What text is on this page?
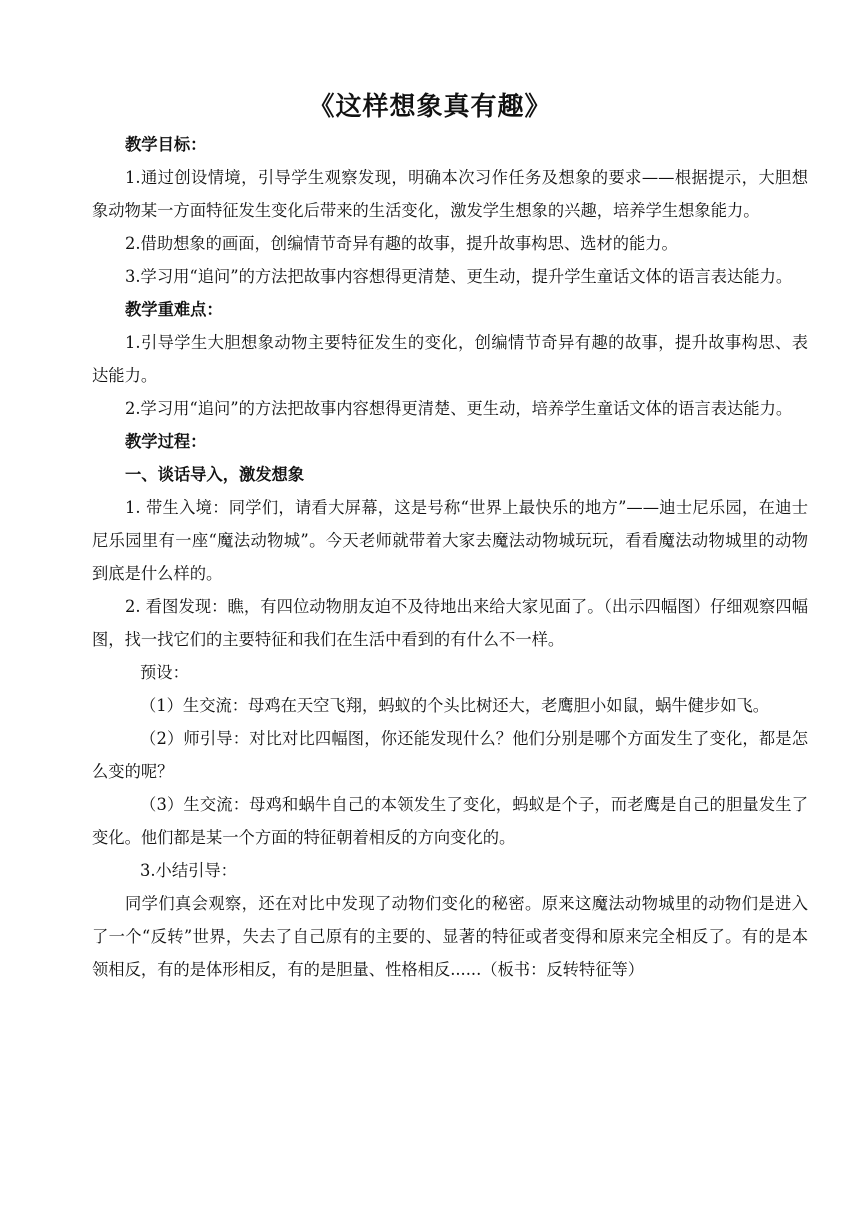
《这样想象真有趣》

教学目标：

1.通过创设情境，引导学生观察发现，明确本次习作任务及想象的要求——根据提示，大胆想象动物某一方面特征发生变化后带来的生活变化，激发学生想象的兴趣，培养学生想象能力。

2.借助想象的画面，创编情节奇异有趣的故事，提升故事构思、选材的能力。

3.学习用“追问”的方法把故事内容想得更清楚、更生动，提升学生童话文体的语言表达能力。

教学重难点：

1.引导学生大胆想象动物主要特征发生的变化，创编情节奇异有趣的故事，提升故事构思、表达能力。

2.学习用“追问”的方法把故事内容想得更清楚、更生动，培养学生童话文体的语言表达能力。

教学过程：

一、谈话导入，激发想象

1. 带生入境：同学们，请看大屏幕，这是号称“世界上最快乐的地方”——迪士尼乐园，在迪士尼乐园里有一座“魔法动物城”。今天老师就带着大家去魔法动物城玩玩，看看魔法动物城里的动物到底是什么样的。

2. 看图发现：瞧，有四位动物朋友迫不及待地出来给大家见面了。（出示四幅图）仔细观察四幅图，找一找它们的主要特征和我们在生活中看到的有什么不一样。

预设：

（1）生交流：母鸡在天空飞翔，蚂蚁的个头比树还大，老鹰胆小如鼠，蜗牛健步如飞。

（2）师引导：对比对比四幅图，你还能发现什么？他们分别是哪个方面发生了变化，都是怎么变的呢？

（3）生交流：母鸡和蜗牛自己的本领发生了变化，蚂蚁是个子，而老鹰是自己的胆量发生了变化。他们都是某一个方面的特征朝着相反的方向变化的。

3.小结引导：

同学们真会观察，还在对比中发现了动物们变化的秘密。原来这魔法动物城里的动物们是进入了一个“反转”世界，失去了自己原有的主要的、显著的特征或者变得和原来完全相反了。有的是本领相反，有的是体形相反，有的是胆量、性格相反......（板书：反转特征等）
